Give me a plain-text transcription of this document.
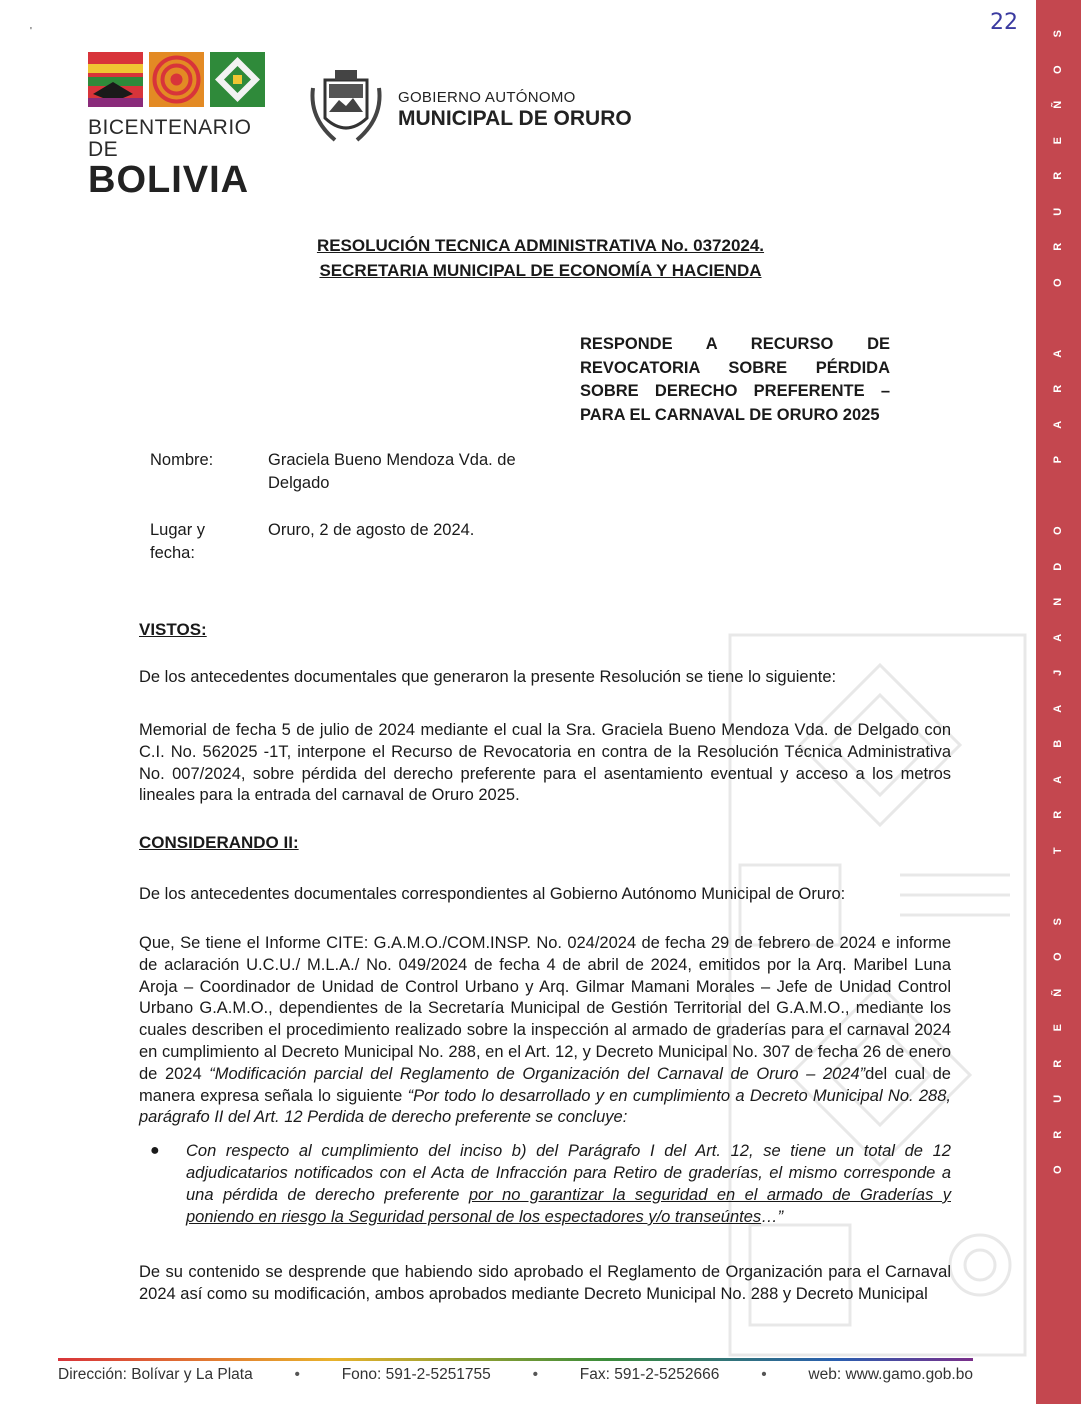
22
BICENTENARIO DE
BOLIVIA
GOBIERNO AUTÓNOMO
MUNICIPAL DE ORURO
'	S
O
Ñ
E
R
U
R
O

A
R
A
P

O
D
N
A
J
A
B
A
R
T

S
O
Ñ
E
R
U
R
O
RESOLUCIÓN TECNICA ADMINISTRATIVA No. 0372024.
SECRETARIA MUNICIPAL DE ECONOMÍA Y HACIENDA
RESPONDE A RECURSO DE
REVOCATORIA SOBRE PÉRDIDA
SOBRE DERECHO PREFERENTE –
PARA EL CARNAVAL DE ORURO 2025
Nombre:	Graciela Bueno Mendoza Vda. de Delgado
Lugar y fecha:
Oruro, 2 de agosto de 2024.
VISTOS:
De los antecedentes documentales que generaron la presente Resolución se tiene lo siguiente:
Memorial de fecha 5 de julio de 2024 mediante el cual la Sra. Graciela Bueno Mendoza Vda. de Delgado con C.I. No. 562025 -1T, interpone el Recurso de Revocatoria en contra de la Resolución Técnica Administrativa No. 007/2024, sobre pérdida del derecho preferente para el asentamiento eventual y acceso a los metros lineales para la entrada del carnaval de Oruro 2025.
CONSIDERANDO II:
De los antecedentes documentales correspondientes al Gobierno Autónomo Municipal de Oruro:
Que, Se tiene el Informe CITE: G.A.M.O./COM.INSP. No. 024/2024 de fecha 29 de febrero de 2024 e informe de aclaración U.C.U./ M.L.A./ No. 049/2024 de fecha 4 de abril de 2024, emitidos por la Arq. Maribel Luna Aroja – Coordinador de Unidad de Control Urbano y Arq. Gilmar Mamani Morales – Jefe de Unidad Control Urbano G.A.M.O., dependientes de la Secretaría Municipal de Gestión Territorial del G.A.M.O., mediante los cuales describen el procedimiento realizado sobre la inspección al armado de graderías para el carnaval 2024 en cumplimiento al Decreto Municipal No. 288, en el Art. 12, y Decreto Municipal No. 307 de fecha 26 de enero de 2024 “Modificación parcial del Reglamento de Organización del Carnaval de Oruro – 2024”del cual de manera expresa señala lo siguiente “Por todo lo desarrollado y en cumplimiento a Decreto Municipal No. 288, parágrafo II del Art. 12 Perdida de derecho preferente se concluye:
● Con respecto al cumplimiento del inciso b) del Parágrafo I del Art. 12, se tiene un total de 12 adjudicatarios notificados con el Acta de Infracción para Retiro de graderías, el mismo corresponde a una pérdida de derecho preferente por no garantizar la seguridad en el armado de Graderías y poniendo en riesgo la Seguridad personal de los espectadores y/o transeúntes…”
De su contenido se desprende que habiendo sido aprobado el Reglamento de Organización para el Carnaval 2024 así como su modificación, ambos aprobados mediante Decreto Municipal No. 288 y Decreto Municipal
Dirección: Bolívar y La Plata	•	Fono: 591-2-5251755	•	Fax: 591-2-5252666	•	web: www.gamo.gob.bo
